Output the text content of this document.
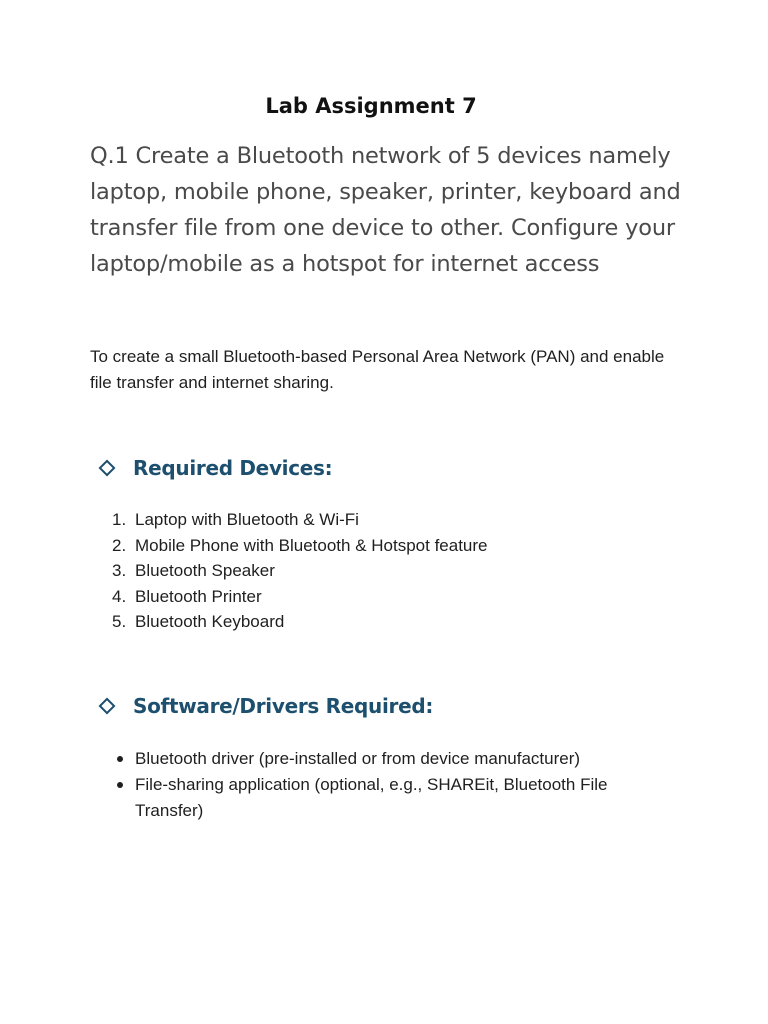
Lab Assignment 7

Q.1 Create a Bluetooth network of 5 devices namely laptop, mobile phone, speaker, printer, keyboard and transfer file from one device to other. Configure your laptop/mobile as a hotspot for internet access

To create a small Bluetooth-based Personal Area Network (PAN) and enable file transfer and internet sharing.

Required Devices:
1. Laptop with Bluetooth & Wi-Fi
2. Mobile Phone with Bluetooth & Hotspot feature
3. Bluetooth Speaker
4. Bluetooth Printer
5. Bluetooth Keyboard
Software/Drivers Required:
Bluetooth driver (pre-installed or from device manufacturer)
File-sharing application (optional, e.g., SHAREit, Bluetooth File Transfer)
